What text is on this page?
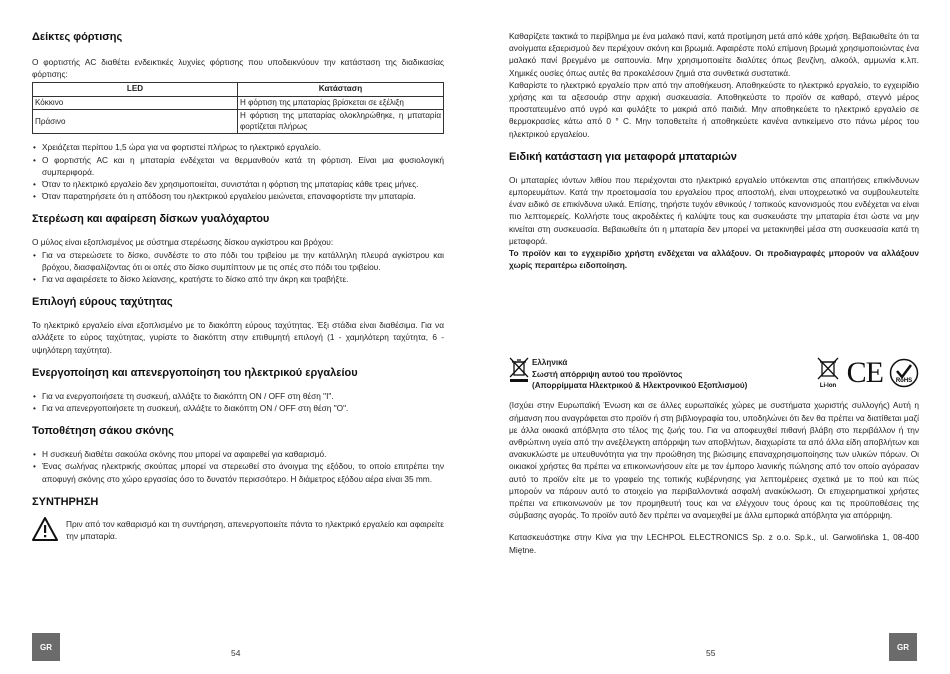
Δείκτες φόρτισης

Ο φορτιστής AC διαθέτει ενδεικτικές λυχνίες φόρτισης που υποδεικνύουν την κατάσταση της διαδικασίας φόρτισης:

LED	Κατάσταση
Κόκκινο	Η φόρτιση της μπαταρίας βρίσκεται σε εξέλιξη
Πράσινο	Η φόρτιση της μπαταρίας ολοκληρώθηκε, η μπαταρία φορτίζεται πλήρως
• Χρειάζεται περίπου 1,5 ώρα για να φορτιστεί πλήρως το ηλεκτρικό εργαλείο.
• Ο φορτιστής AC και η μπαταρία ενδέχεται να θερμανθούν κατά τη φόρτιση. Είναι μια φυσιολογική συμπεριφορά.
• Όταν το ηλεκτρικό εργαλείο δεν χρησιμοποιείται, συνιστάται η φόρτιση της μπαταρίας κάθε τρεις μήνες.
• Όταν παρατηρήσετε ότι η απόδοση του ηλεκτρικού εργαλείου μειώνεται, επαναφορτίστε την μπαταρία.
Στερέωση και αφαίρεση δίσκων γυαλόχαρτου

Ο μύλος είναι εξοπλισμένος με σύστημα στερέωσης δίσκου αγκίστρου και βρόχου:

• Για να στερεώσετε το δίσκο, συνδέστε το στο πόδι του τριβείου με την κατάλληλη πλευρά αγκίστρου και βρόχου, διασφαλίζοντας ότι οι οπές στο δίσκο συμπίπτουν με τις οπές στο πόδι του τριβείου.
• Για να αφαιρέσετε το δίσκο λείανσης, κρατήστε το δίσκο από την άκρη και τραβήξτε.
Επιλογή εύρους ταχύτητας

Το ηλεκτρικό εργαλείο είναι εξοπλισμένο με το διακόπτη εύρους ταχύτητας. Έξι στάδια είναι διαθέσιμα. Για να αλλάξετε το εύρος ταχύτητας, γυρίστε το διακόπτη στην επιθυμητή επιλογή (1 - χαμηλότερη ταχύτητα, 6 - υψηλότερη ταχύτητα).

Ενεργοποίηση και απενεργοποίηση του ηλεκτρικού εργαλείου
• Για να ενεργοποιήσετε τη συσκευή, αλλάξτε το διακόπτη ON / OFF στη θέση "I".
• Για να απενεργοποιήσετε τη συσκευή, αλλάξτε το διακόπτη ON / OFF στη θέση "O".
Τοποθέτηση σάκου σκόνης
• Η συσκευή διαθέτει σακούλα σκόνης που μπορεί να αφαιρεθεί για καθαρισμό.
• Ένας σωλήνας ηλεκτρικής σκούπας μπορεί να στερεωθεί στο άνοιγμα της εξόδου, το οποίο επιτρέπει την αποφυγή σκόνης στο χώρο εργασίας όσο το δυνατόν περισσότερο. Η διάμετρος εξόδου αέρα είναι 35 mm.
ΣΥΝΤΗΡΗΣΗ

Πριν από τον καθαρισμό και τη συντήρηση, απενεργοποιείτε πάντα το ηλεκτρικό εργαλείο και αφαιρείτε την μπαταρία.

GR
54

Καθαρίζετε τακτικά το περίβλημα με ένα μαλακό πανί, κατά προτίμηση μετά από κάθε χρήση. Βεβαιωθείτε ότι τα ανοίγματα εξαερισμού δεν περιέχουν σκόνη και βρωμιά. Αφαιρέστε πολύ επίμονη βρωμιά χρησιμοποιώντας ένα μαλακό πανί βρεγμένο με σαπουνία. Μην χρησιμοποιείτε διαλύτες όπως βενζίνη, αλκοόλ, αμμωνία κ.λπ. Χημικές ουσίες όπως αυτές θα προκαλέσουν ζημιά στα συνθετικά συστατικά.

Καθαρίστε το ηλεκτρικό εργαλείο πριν από την αποθήκευση. Αποθηκεύστε το ηλεκτρικό εργαλείο, το εγχειρίδιο χρήσης και τα αξεσουάρ στην αρχική συσκευασία. Αποθηκεύστε το προϊόν σε καθαρό, στεγνό μέρος προστατευμένο από υγρό και φυλάξτε το μακριά από παιδιά. Μην αποθηκεύετε το ηλεκτρικό εργαλείο σε θερμοκρασίες κάτω από 0 ° C. Μην τοποθετείτε ή αποθηκεύετε κανένα αντικείμενο στο πάνω μέρος του ηλεκτρικού εργαλείου.

Ειδική κατάσταση για μεταφορά μπαταριών

Οι μπαταρίες ιόντων λιθίου που περιέχονται στο ηλεκτρικό εργαλείο υπόκεινται στις απαιτήσεις επικίνδυνων εμπορευμάτων. Κατά την προετοιμασία του εργαλείου προς αποστολή, είναι υποχρεωτικό να συμβουλευτείτε έναν ειδικό σε επικίνδυνα υλικά. Επίσης, τηρήστε τυχόν εθνικούς / τοπικούς κανονισμούς που ενδέχεται να είναι πιο λεπτομερείς. Κολλήστε τους ακροδέκτες ή καλύψτε τους και συσκευάστε την μπαταρία έτσι ώστε να μην κινείται στη συσκευασία. Βεβαιωθείτε ότι η μπαταρία δεν μπορεί να μετακινηθεί μέσα στη συσκευασία κατά τη μεταφορά.

Το προϊόν και το εγχειρίδιο χρήστη ενδέχεται να αλλάξουν. Οι προδιαγραφές μπορούν να αλλάξουν χωρίς περαιτέρω ειδοποίηση.

Ελληνικά
Σωστή απόρριψη αυτού του προϊόντος
(Απορρίμματα Ηλεκτρικού & Ηλεκτρονικού Εξοπλισμού)	Li-Ion CE RoHS

(Ισχύει στην Ευρωπαϊκή Ένωση και σε άλλες ευρωπαϊκές χώρες με συστήματα χωριστής συλλογής) Αυτή η σήμανση που αναγράφεται στο προϊόν ή στη βιβλιογραφία του, υποδηλώνει ότι δεν θα πρέπει να διατίθεται μαζί με άλλα οικιακά απόβλητα στο τέλος της ζωής του. Για να αποφευχθεί πιθανή βλάβη στο περιβάλλον ή την ανθρώπινη υγεία από την ανεξέλεγκτη απόρριψη των αποβλήτων, διαχωρίστε τα από άλλα είδη αποβλήτων και ανακυκλώστε με υπευθυνότητα για την προώθηση της βιώσιμης επαναχρησιμοποίησης των υλικών πόρων. Οι οικιακοί χρήστες θα πρέπει να επικοινωνήσουν είτε με τον έμπορο λιανικής πώλησης από τον οποίο αγόρασαν αυτό το προϊόν είτε με το γραφείο της τοπικής κυβέρνησης για λεπτομέρειες σχετικά με το πού και πώς μπορούν να πάρουν αυτό το στοιχείο για περιβαλλοντικά ασφαλή ανακύκλωση. Οι επιχειρηματικοί χρήστες πρέπει να επικοινωνούν με τον προμηθευτή τους και να ελέγχουν τους όρους και τις προϋποθέσεις της σύμβασης αγοράς. Το προϊόν αυτό δεν πρέπει να αναμειχθεί με άλλα εμπορικά απόβλητα για απόρριψη.

Κατασκευάστηκε στην Κίνα για την LECHPOL ELECTRONICS Sp. z o.o. Sp.k., ul. Garwolińska 1, 08-400 Miętne.

55
GR
